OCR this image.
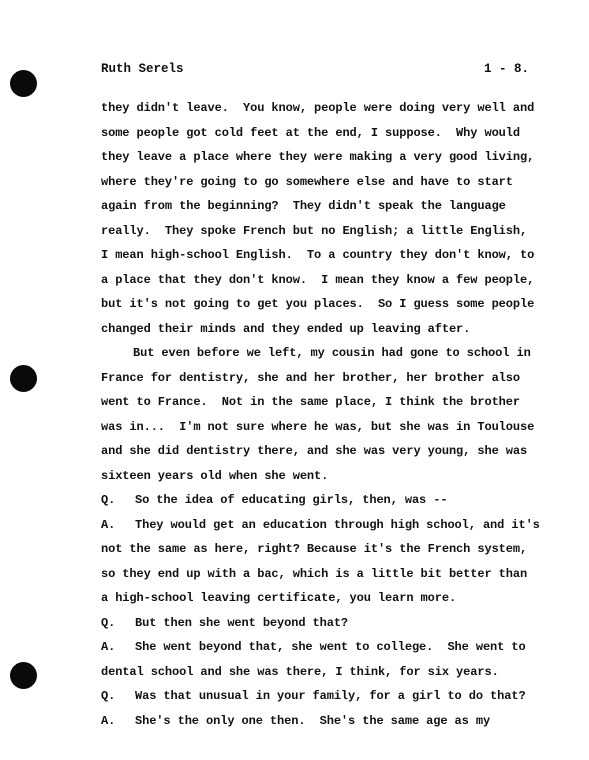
Ruth Serels	1 - 8.
they didn't leave.  You know, people were doing very well and
some people got cold feet at the end, I suppose.  Why would
they leave a place where they were making a very good living,
where they're going to go somewhere else and have to start
again from the beginning?  They didn't speak the language
really.  They spoke French but no English; a little English,
I mean high-school English.  To a country they don't know, to
a place that they don't know.  I mean they know a few people,
but it's not going to get you places.  So I guess some people
changed their minds and they ended up leaving after.
But even before we left, my cousin had gone to school in
France for dentistry, she and her brother, her brother also
went to France.  Not in the same place, I think the brother
was in...  I'm not sure where he was, but she was in Toulouse
and she did dentistry there, and she was very young, she was
sixteen years old when she went.
Q. So the idea of educating girls, then, was --
A. They would get an education through high school, and it's
not the same as here, right? Because it's the French system,
so they end up with a bac, which is a little bit better than
a high-school leaving certificate, you learn more.
Q. But then she went beyond that?
A. She went beyond that, she went to college.  She went to
dental school and she was there, I think, for six years.
Q. Was that unusual in your family, for a girl to do that?
A. She's the only one then.  She's the same age as my
